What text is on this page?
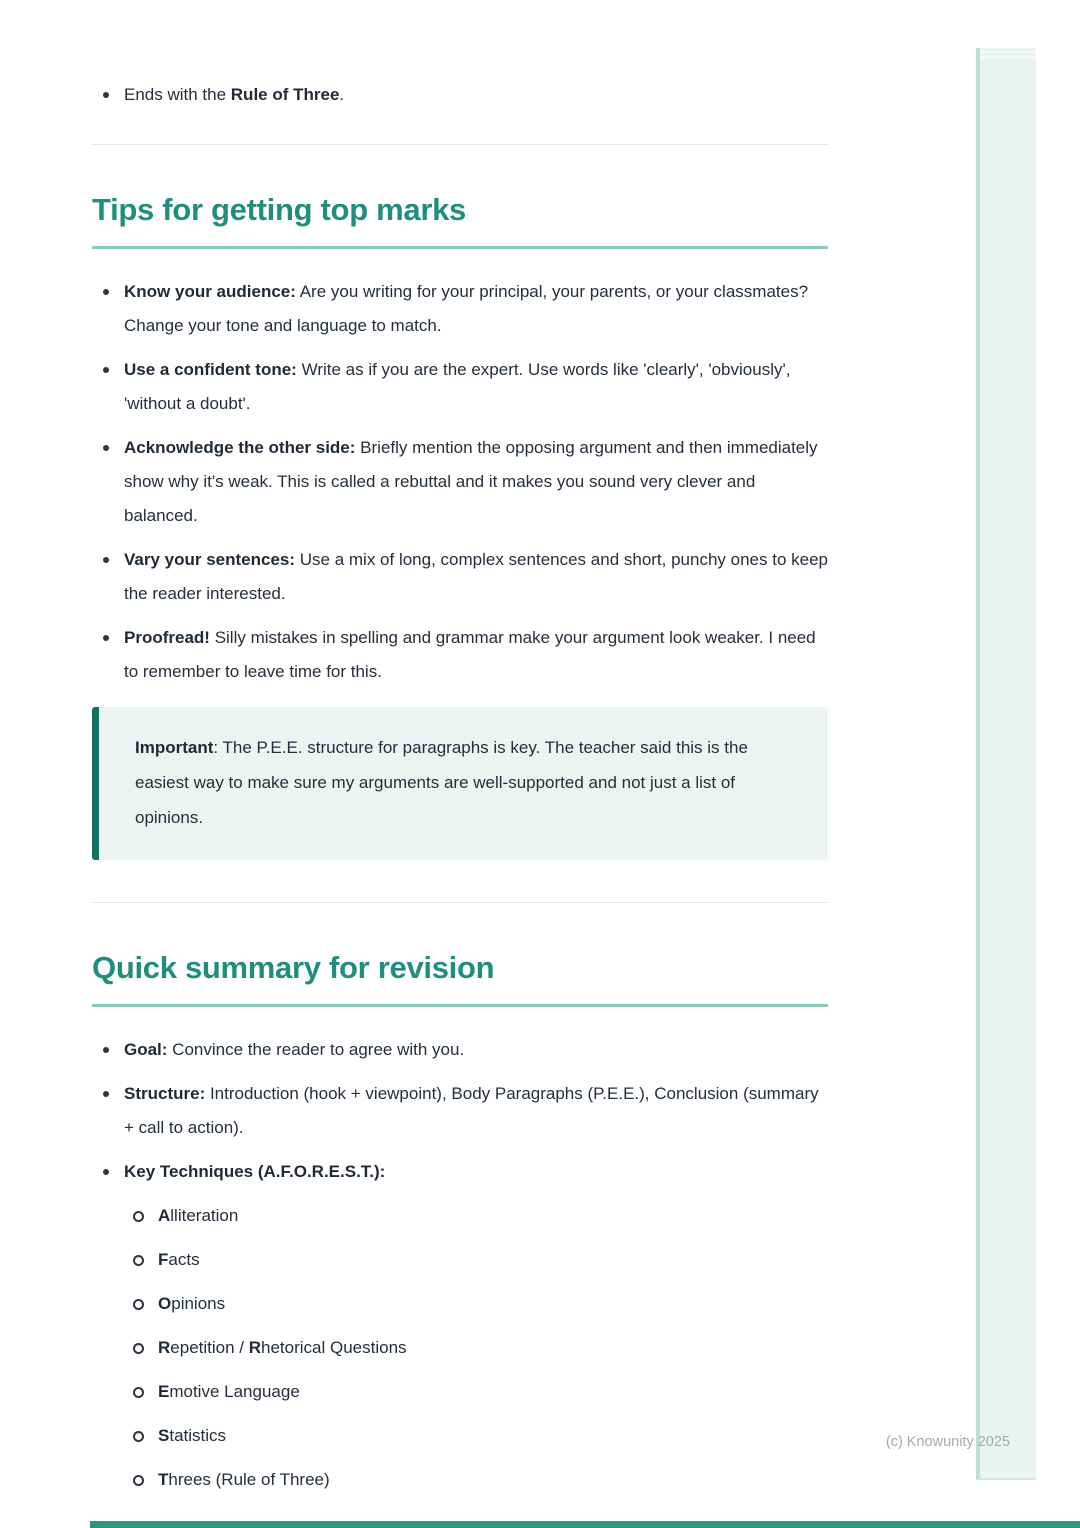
Ends with the Rule of Three.
Tips for getting top marks
Know your audience: Are you writing for your principal, your parents, or your classmates? Change your tone and language to match.
Use a confident tone: Write as if you are the expert. Use words like 'clearly', 'obviously', 'without a doubt'.
Acknowledge the other side: Briefly mention the opposing argument and then immediately show why it's weak. This is called a rebuttal and it makes you sound very clever and balanced.
Vary your sentences: Use a mix of long, complex sentences and short, punchy ones to keep the reader interested.
Proofread! Silly mistakes in spelling and grammar make your argument look weaker. I need to remember to leave time for this.

Important: The P.E.E. structure for paragraphs is key. The teacher said this is the easiest way to make sure my arguments are well-supported and not just a list of opinions.

Quick summary for revision
Goal: Convince the reader to agree with you.
Structure: Introduction (hook + viewpoint), Body Paragraphs (P.E.E.), Conclusion (summary + call to action).
Key Techniques (A.F.O.R.E.S.T.):
Alliteration
Facts
Opinions
Repetition / Rhetorical Questions
Emotive Language
Statistics
Threes (Rule of Three)
(c) Knowunity 2025
